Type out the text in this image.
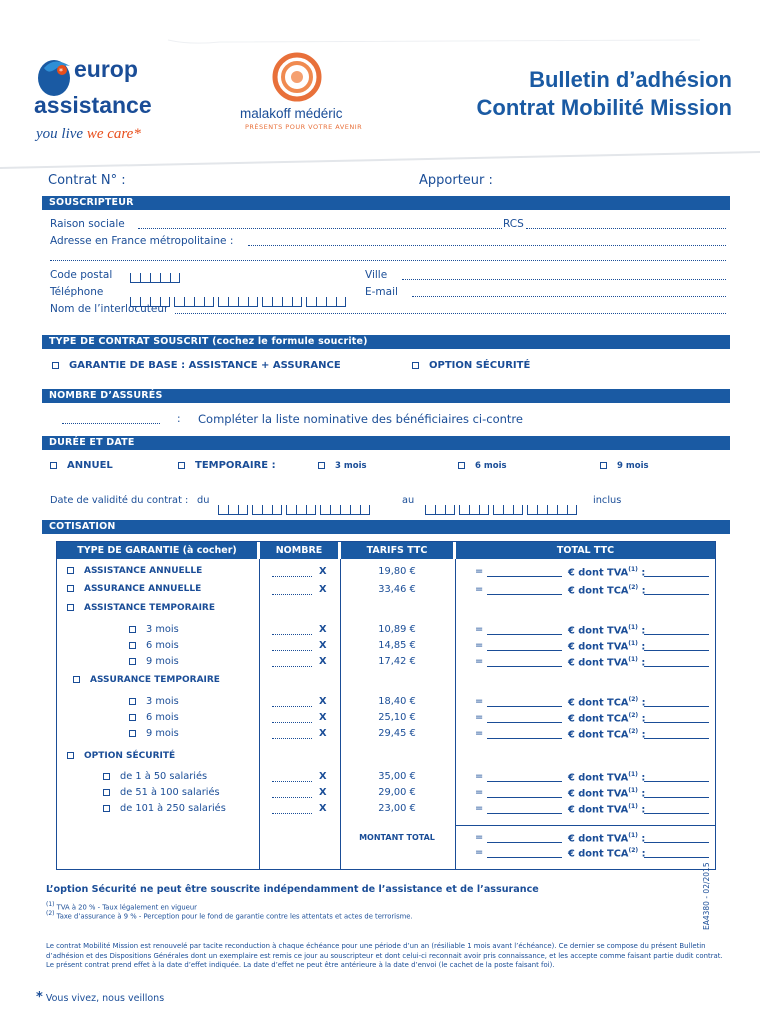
* europ
assistance
you live we care*
malakoff médéric
PRÉSENTS POUR VOTRE AVENIR
Bulletin d’adhésion
Contrat Mobilité Mission
Contrat N° :	Apporteur :
SOUSCRIPTEUR
Raison sociale	RCS
Adresse en France métropolitaine :
Code postal	Ville
Téléphone	E-mail
Nom de l’interlocuteur
TYPE DE CONTRAT SOUSCRIT (cochez le formule soucrite)
GARANTIE DE BASE : ASSISTANCE + ASSURANCE	OPTION SÉCURITÉ
NOMBRE D’ASSURÉS
: Compléter la liste nominative des bénéficiaires ci-contre
DURÉE ET DATE
ANNUEL	TEMPORAIRE :	3 mois	6 mois	9 mois
Date de validité du contrat : du	au	inclus
COTISATION
TYPE DE GARANTIE (à cocher)	NOMBRE	TARIFS TTC	TOTAL TTC
ASSISTANCE ANNUELLE	X	19,80 €	=	€ dont TVA$^{(1)}$ :
ASSURANCE ANNUELLE	X	33,46 €	=	€ dont TCA$^{(2)}$ :
ASSISTANCE TEMPORAIRE
3 mois	X	10,89 €	=	€ dont TVA$^{(1)}$ :
6 mois	X	14,85 €	=	€ dont TVA$^{(1)}$ :
9 mois	X	17,42 €	=	€ dont TVA$^{(1)}$ :
ASSURANCE TEMPORAIRE
3 mois	X	18,40 €	=	€ dont TCA$^{(2)}$ :
6 mois	X	25,10 €	=	€ dont TCA$^{(2)}$ :
9 mois	X	29,45 €	=	€ dont TCA$^{(2)}$ :
OPTION SÉCURITÉ
de 1 à 50 salariés	X	35,00 €	=	€ dont TVA$^{(1)}$ :
de 51 à 100 salariés	X	29,00 €	=	€ dont TVA$^{(1)}$ :
de 101 à 250 salariés	X	23,00 €	=	€ dont TVA$^{(1)}$ :
MONTANT TOTAL	=	€ dont TVA$^{(1)}$ :
=	€ dont TCA$^{(2)}$ :
L’option Sécurité ne peut être souscrite indépendamment de l’assistance et de l’assurance
$^{(1)}$ TVA à 20 % - Taux légalement en vigueur
$^{(2)}$ Taxe d’assurance à 9 % - Perception pour le fond de garantie contre les attentats et actes de terrorisme.
Le contrat Mobilité Mission est renouvelé par tacite reconduction à chaque échéance pour une période d’un an (résiliable 1 mois avant l’échéance). Ce dernier se compose du présent Bulletin d’adhésion et des Dispositions Générales dont un exemplaire est remis ce jour au souscripteur et dont celui-ci reconnait avoir pris connaissance, et les accepte comme faisant partie dudit contrat. Le présent contrat prend effet à la date d’effet indiquée. La date d’effet ne peut être antérieure à la date d’envoi (le cachet de la poste faisant foi).
* Vous vivez, nous veillons
EA4380 - 02/2015
